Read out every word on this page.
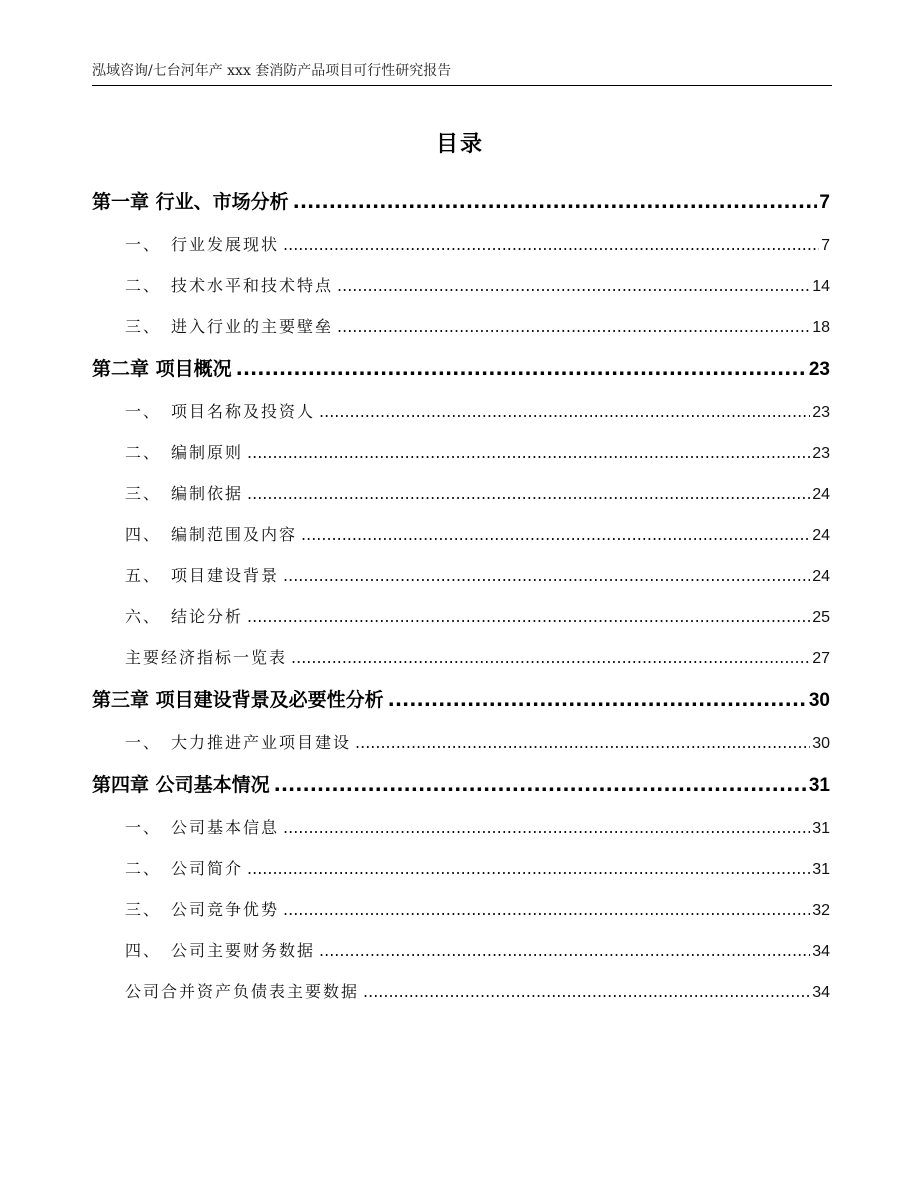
泓域咨询/七台河年产 xxx 套消防产品项目可行性研究报告
目录
第一章 行业、市场分析 .....	7
一、 行业发展现状 .....	7
二、 技术水平和技术特点 .....	14
三、 进入行业的主要壁垒 .....	18
第二章 项目概况 .....	23
一、 项目名称及投资人 .....	23
二、 编制原则 .....	23
三、 编制依据 .....	24
四、 编制范围及内容 .....	24
五、 项目建设背景 .....	24
六、 结论分析 .....	25
主要经济指标一览表 .....	27
第三章 项目建设背景及必要性分析 .....	30
一、 大力推进产业项目建设 .....	30
第四章 公司基本情况 .....	31
一、 公司基本信息 .....	31
二、 公司简介 .....	31
三、 公司竞争优势 .....	32
四、 公司主要财务数据 .....	34
公司合并资产负债表主要数据 .....	34
